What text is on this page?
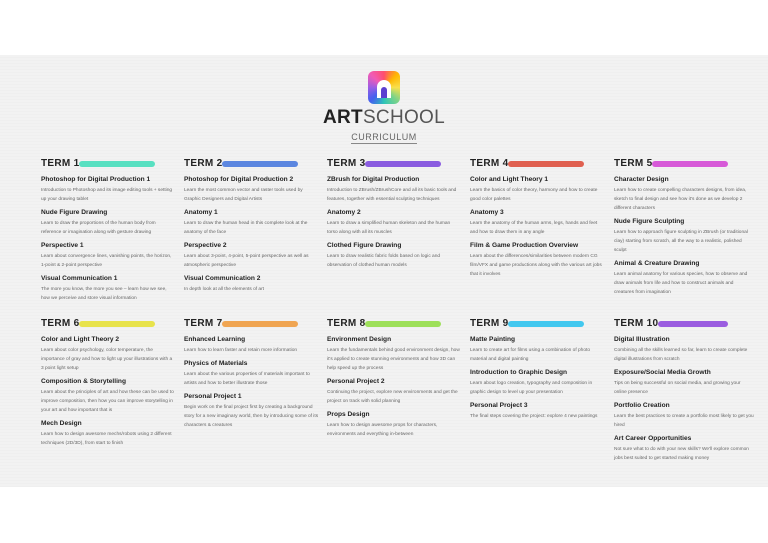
ARTSCHOOL
CURRICULUM
TERM 1
Photoshop for Digital Production 1
Introduction to Photoshop and its image editing tools + setting up your drawing tablet
Nude Figure Drawing
Learn to draw the proportions of the human body from reference or imagination along with gesture drawing
Perspective 1
Learn about convergence lines, vanishing points, the horizon, 1-point & 2-point perspective
Visual Communication 1
The more you know, the more you see – learn how we see, how we perceive and store visual information
TERM 2
Photoshop for Digital Production 2
Learn the most common vector and raster tools used by Graphic Designers and Digital Artists
Anatomy 1
Learn to draw the human head in this complete look at the anatomy of the face
Perspective 2
Learn about 3-point, 4-point, 5-point perspective as well as atmospheric perspective
Visual Communication 2
In depth look at all the elements of art
TERM 3
ZBrush for Digital Production
Introduction to ZBrush/ZBrushCore and all its basic tools and features, together with essential sculpting techniques
Anatomy 2
Learn to draw a simplified human skeleton and the human torso along with all its muscles
Clothed Figure Drawing
Learn to draw realistic fabric folds based on logic and observation of clothed human models
TERM 4
Color and Light Theory 1
Learn the basics of color theory, harmony and how to create good color palettes
Anatomy 3
Learn the anatomy of the human arms, legs, hands and feet and how to draw them in any angle
Film & Game Production Overview
Learn about the differences/similarities between modern CG film/VFX and game productions along with the various art jobs that it involves
TERM 5
Character Design
Learn how to create compelling characters designs, from idea, sketch to final design and see how it's done as we develop 2 different characters
Nude Figure Sculpting
Learn how to approach figure sculpting in ZBrush (or traditional clay) starting from scratch, all the way to a realistic, polished sculpt
Animal & Creature Drawing
Learn animal anatomy for various species, how to observe and draw animals from life and how to construct animals and creatures from imagination
TERM 6
Color and Light Theory 2
Learn about color psychology, color temperature, the importance of gray and how to light up your illustrations with a 3 point light setup
Composition & Storytelling
Learn about the principles of art and how these can be used to improve composition, then how you can improve storytelling in your art and how important that is
Mech Design
Learn how to design awesome mechs/robots using 2 different techniques (2D/3D), from start to finish
TERM 7
Enhanced Learning
Learn how to learn faster and retain more information
Physics of Materials
Learn about the various properties of materials important to artists and how to better illustrate those
Personal Project 1
Begin work on the final project first by creating a background story for a new imaginary world, then by introducing some of its characters & creatures
TERM 8
Environment Design
Learn the fundamentals behind good environment design, how it's applied to create stunning environments and how 3D can help speed up the process
Personal Project 2
Continuing the project, explore new environments and get the project on track with solid planning
Props Design
Learn how to design awesome props for characters, environments and everything in-between
TERM 9
Matte Painting
Learn to create art for films using a combination of photo material and digital painting
Introduction to Graphic Design
Learn about logo creation, typography and composition in graphic design to level up your presentation
Personal Project 3
The final steps covering the project: explore 4 new paintings
TERM 10
Digital Illustration
Combining all the skills learned so far, learn to create complete digital illustrations from scratch
Exposure/Social Media Growth
Tips on being successful on social media, and growing your online presence
Portfolio Creation
Learn the best practices to create a portfolio most likely to get you hired
Art Career Opportunities
Not sure what to do with your new skills? We'll explore common jobs best suited to get started making money
